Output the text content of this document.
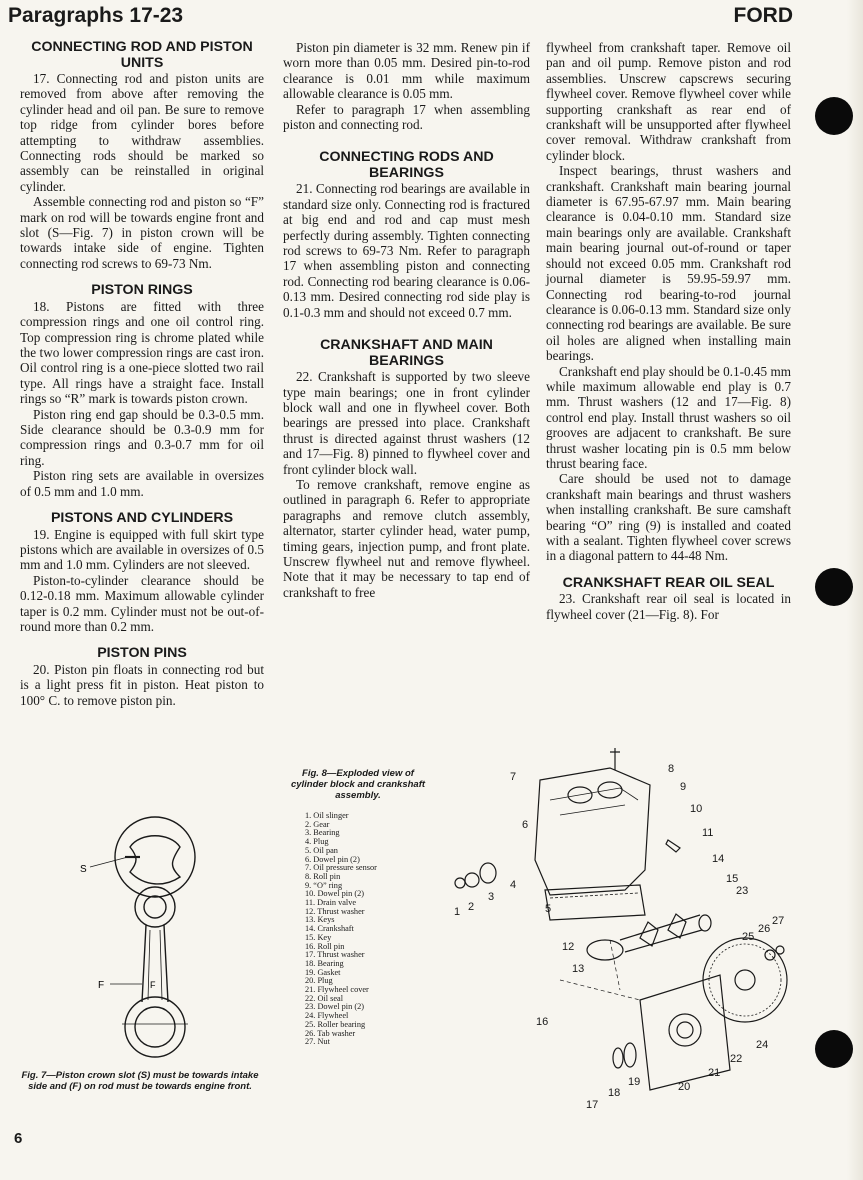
Paragraphs 17-23	FORD
CONNECTING ROD AND PISTON UNITS

17. Connecting rod and piston units are removed from above after removing the cylinder head and oil pan. Be sure to remove top ridge from cylinder bores before attempting to withdraw assemblies. Connecting rods should be marked so assembly can be reinstalled in original cylinder.

Assemble connecting rod and piston so “F” mark on rod will be towards engine front and slot (S—Fig. 7) in piston crown will be towards intake side of engine. Tighten connecting rod screws to 69-73 Nm.

PISTON RINGS

18. Pistons are fitted with three compression rings and one oil control ring. Top compression ring is chrome plated while the two lower compression rings are cast iron. Oil control ring is a one-piece slotted two rail type. All rings have a straight face. Install rings so “R” mark is towards piston crown.

Piston ring end gap should be 0.3-0.5 mm. Side clearance should be 0.3-0.9 mm for compression rings and 0.3-0.7 mm for oil ring.

Piston ring sets are available in oversizes of 0.5 mm and 1.0 mm.

PISTONS AND CYLINDERS

19. Engine is equipped with full skirt type pistons which are available in oversizes of 0.5 mm and 1.0 mm. Cylinders are not sleeved.

Piston-to-cylinder clearance should be 0.12-0.18 mm. Maximum allowable cylinder taper is 0.2 mm. Cylinder must not be out-of-round more than 0.2 mm.

PISTON PINS

20. Piston pin floats in connecting rod but is a light press fit in piston. Heat piston to 100° C. to remove piston pin.

Piston pin diameter is 32 mm. Renew pin if worn more than 0.05 mm. Desired pin-to-rod clearance is 0.01 mm while maximum allowable clearance is 0.05 mm.

Refer to paragraph 17 when assembling piston and connecting rod.

CONNECTING RODS AND BEARINGS

21. Connecting rod bearings are available in standard size only. Connecting rod is fractured at big end and rod and cap must mesh perfectly during assembly. Tighten connecting rod screws to 69-73 Nm. Refer to paragraph 17 when assembling piston and connecting rod. Connecting rod bearing clearance is 0.06-0.13 mm. Desired connecting rod side play is 0.1-0.3 mm and should not exceed 0.7 mm.

CRANKSHAFT AND MAIN BEARINGS

22. Crankshaft is supported by two sleeve type main bearings; one in front cylinder block wall and one in flywheel cover. Both bearings are pressed into place. Crankshaft thrust is directed against thrust washers (12 and 17—Fig. 8) pinned to flywheel cover and front cylinder block wall.

To remove crankshaft, remove engine as outlined in paragraph 6. Refer to appropriate paragraphs and remove clutch assembly, alternator, starter cylinder head, water pump, timing gears, injection pump, and front plate. Unscrew flywheel nut and remove flywheel. Note that it may be necessary to tap end of crankshaft to free

flywheel from crankshaft taper. Remove oil pan and oil pump. Remove piston and rod assemblies. Unscrew capscrews securing flywheel cover. Remove flywheel cover while supporting crankshaft as rear end of crankshaft will be unsupported after flywheel cover removal. Withdraw crankshaft from cylinder block.

Inspect bearings, thrust washers and crankshaft. Crankshaft main bearing journal diameter is 67.95-67.97 mm. Main bearing clearance is 0.04-0.10 mm. Standard size main bearings only are available. Crankshaft main bearing journal out-of-round or taper should not exceed 0.05 mm. Crankshaft rod journal diameter is 59.95-59.97 mm. Connecting rod bearing-to-rod journal clearance is 0.06-0.13 mm. Standard size only connecting rod bearings are available. Be sure oil holes are aligned when installing main bearings.

Crankshaft end play should be 0.1-0.45 mm while maximum allowable end play is 0.7 mm. Thrust washers (12 and 17—Fig. 8) control end play. Install thrust washers so oil grooves are adjacent to crankshaft. Be sure thrust washer locating pin is 0.5 mm below thrust bearing face.

Care should be used not to damage crankshaft main bearings and thrust washers when installing crankshaft. Be sure camshaft bearing “O” ring (9) is installed and coated with a sealant. Tighten flywheel cover screws in a diagonal pattern to 44-48 Nm.

CRANKSHAFT REAR OIL SEAL

23. Crankshaft rear oil seal is located in flywheel cover (21—Fig. 8). For

S
F	F
Fig. 7—Piston crown slot (S) must be towards intake side and (F) on rod must be towards engine front.
Fig. 8—Exploded view of cylinder block and crankshaft assembly.
1. Oil slinger
2. Gear
3. Bearing
4. Plug
5. Oil pan
6. Dowel pin (2)
7. Oil pressure sensor
8. Roll pin
9. “O” ring
10. Dowel pin (2)
11. Drain valve
12. Thrust washer
13. Keys
14. Crankshaft
15. Key
16. Roll pin
17. Thrust washer
18. Bearing
19. Gasket
20. Plug
21. Flywheel cover
22. Oil seal
23. Dowel pin (2)
24. Flywheel
25. Roller bearing
26. Tab washer
27. Nut
1 2
3
4
5
6
7
8
9
10
11
12
13
14
15
16
17
18
19	20
21
22
23
24
25
26
27
6
